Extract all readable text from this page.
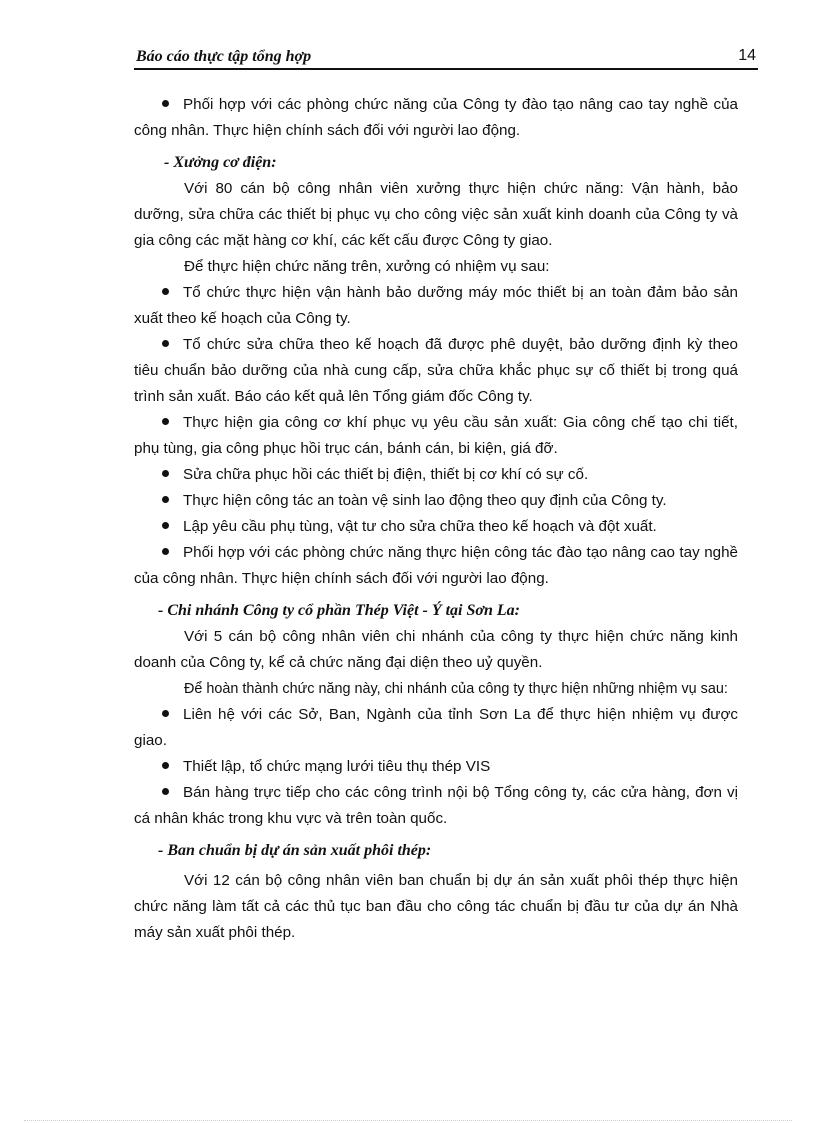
Báo cáo thực tập tổng hợp	14

Phối hợp với các phòng chức năng của Công ty đào tạo nâng cao tay nghề của công nhân. Thực hiện chính sách đối với người lao động.

- Xưởng cơ điện:

Với 80 cán bộ công nhân viên xưởng thực hiện chức năng: Vận hành, bảo dưỡng, sửa chữa các thiết bị phục vụ cho công việc sản xuất kinh doanh của Công ty và gia công các mặt hàng cơ khí, các kết cấu được Công ty giao.

Để thực hiện chức năng trên, xưởng có nhiệm vụ sau:

Tổ chức thực hiện vận hành bảo dưỡng máy móc thiết bị an toàn đảm bảo sản xuất theo kế hoạch của Công ty.

Tổ chức sửa chữa theo kế hoạch đã được phê duyệt, bảo dưỡng định kỳ theo tiêu chuẩn bảo dưỡng của nhà cung cấp, sửa chữa khắc phục sự cố thiết bị trong quá trình sản xuất. Báo cáo kết quả lên Tổng giám đốc Công ty.

Thực hiện gia công cơ khí phục vụ yêu cầu sản xuất: Gia công chế tạo chi tiết, phụ tùng, gia công phục hồi trục cán, bánh cán, bi kiện, giá đỡ.

Sửa chữa phục hồi các thiết bị điện, thiết bị cơ khí có sự cố.

Thực hiện công tác an toàn vệ sinh lao động theo quy định của Công ty.

Lập yêu cầu phụ tùng, vật tư cho sửa chữa theo kế hoạch và đột xuất.

Phối hợp với các phòng chức năng thực hiện công tác đào tạo nâng cao tay nghề của công nhân. Thực hiện chính sách đối với người lao động.

- Chi nhánh Công ty cổ phần Thép Việt - Ý tại Sơn La:

Với 5 cán bộ công nhân viên chi nhánh của công ty thực hiện chức năng kinh doanh của Công ty, kể cả chức năng đại diện theo uỷ quyền.

Để hoàn thành chức năng này, chi nhánh của công ty thực hiện những nhiệm vụ sau:

Liên hệ với các Sở, Ban, Ngành của tỉnh Sơn La để thực hiện nhiệm vụ được giao.

Thiết lập, tổ chức mạng lưới tiêu thụ thép VIS

Bán hàng trực tiếp cho các công trình nội bộ Tổng công ty, các cửa hàng, đơn vị cá nhân khác trong khu vực và trên toàn quốc.

- Ban chuẩn bị dự án sản xuất phôi thép:

Với 12 cán bộ công nhân viên ban chuẩn bị dự án sản xuất phôi thép thực hiện chức năng làm tất cả các thủ tục ban đầu cho công tác chuẩn bị đầu tư của dự án Nhà máy sản xuất phôi thép.
